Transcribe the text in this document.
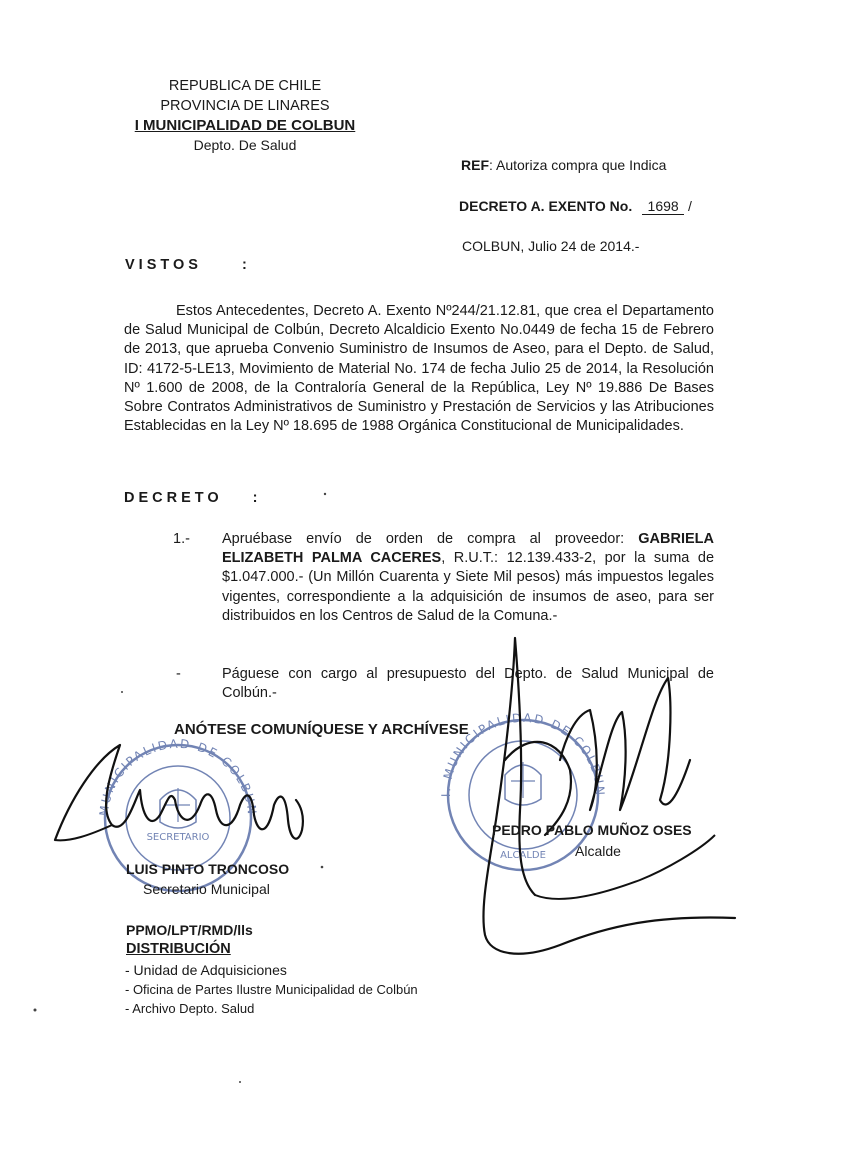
REPUBLICA DE CHILE
PROVINCIA DE LINARES
I MUNICIPALIDAD DE COLBUN
Depto. De Salud
REF: Autoriza compra que Indica
DECRETO A. EXENTO No. 1698 /
COLBUN, Julio 24 de 2014.-
VISTOS	:
Estos Antecedentes, Decreto A. Exento Nº244/21.12.81, que crea el Departamento de Salud Municipal de Colbún, Decreto Alcaldicio Exento No.0449 de fecha 15 de Febrero de 2013, que aprueba Convenio Suministro de Insumos de Aseo, para el Depto. de Salud, ID: 4172-5-LE13, Movimiento de Material No. 174 de fecha Julio 25 de 2014, la Resolución Nº 1.600 de 2008, de la Contraloría General de la República, Ley Nº 19.886 De Bases Sobre Contratos Administrativos de Suministro y Prestación de Servicios y las Atribuciones Establecidas en la Ley Nº 18.695 de 1988 Orgánica Constitucional de Municipalidades.
DECRETO :
1.- Apruébase envío de orden de compra al proveedor: GABRIELA ELIZABETH PALMA CACERES, R.U.T.: 12.139.433-2, por la suma de $1.047.000.- (Un Millón Cuarenta y Siete Mil pesos) más impuestos legales vigentes, correspondiente a la adquisición de insumos de aseo, para ser distribuidos en los Centros de Salud de la Comuna.-
-	Páguese con cargo al presupuesto del Depto. de Salud Municipal de Colbún.-
ANÓTESE COMUNÍQUESE Y ARCHÍVESE
MUNICIPALIDAD DE COLBUN
SECRETARIO
I. MUNICIPALIDAD DE COLBUN
ALCALDE
PEDRO PABLO MUÑOZ OSES
Alcalde
LUIS PINTO TRONCOSO
Secretario Municipal
PPMO/LPT/RMD/lls
DISTRIBUCIÓN
- Unidad de Adquisiciones
- Oficina de Partes Ilustre Municipalidad de Colbún
- Archivo Depto. Salud
